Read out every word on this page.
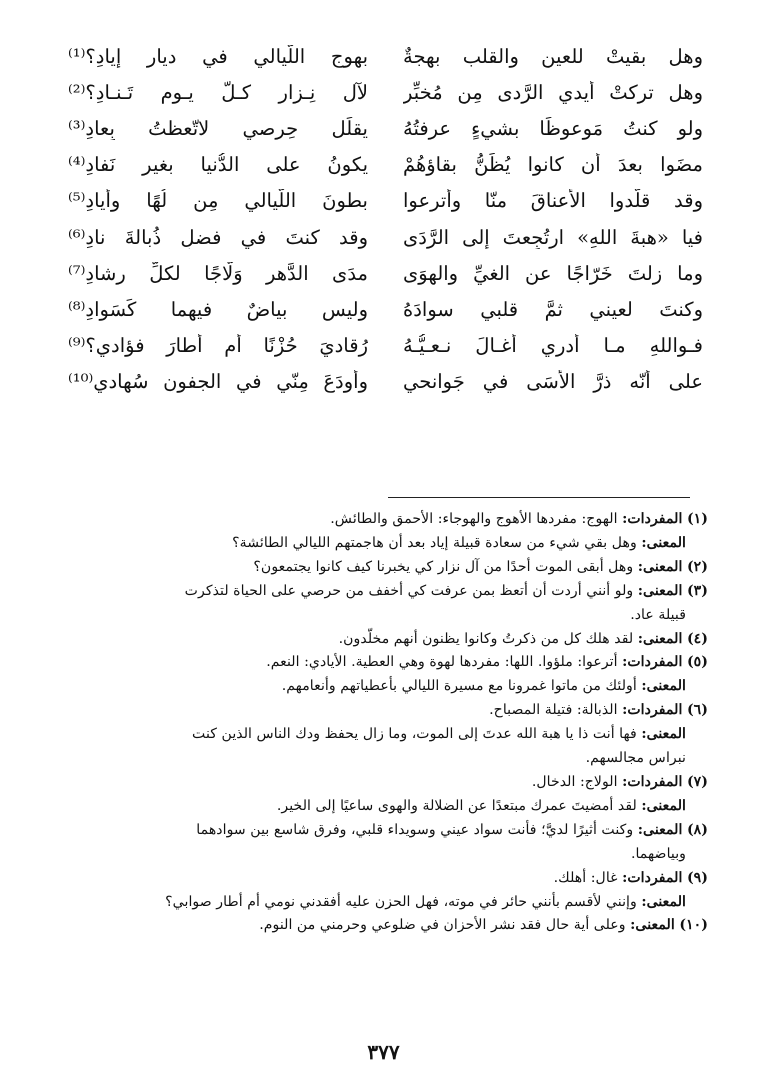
وهل بقيتْ للعين والقلب بهجةٌ
بهوج اللّيالي في ديارِ إيادِ؟⁽¹⁾
وهل تركتْ أيدي الرَّدى مِن مُخبِّرٍ
لآلِ نِـزارٍ كـلَّ يـوم تَـنـادِ؟⁽²⁾
ولو كنتُ مَوعوظًا بشيءٍ عرفتُهُ
يقلِّل حِرصي لاتّعظتُ بِعادِ⁽³⁾
مضَوا بعدَ أن كانوا يُظَنُّ بقاؤهُمْ
يكونُ على الدُّنيا بغيرِ نَفادِ⁽⁴⁾
وقد قلَّدوا الأعناقَ منّا وأَترعوا
بطونَ اللّيالي مِن لُهًا وأيادِ⁽⁵⁾
فيا «هبةَ اللهِ» ارتُجِعتَ إلى الرَّدَى
وقد كنتَ في فضلٍ ذُبالةَ نادِ⁽⁶⁾
وما زلتَ خَرّاجًا عنِ الغيِّ والهوَى
مدَى الدَّهرِ وَلّاجًا لكلِّ رشادِ⁽⁷⁾
وكنتَ لعيني ثمَّ قلبي سوادَهُ
وليس بياضٌ فيهما كَسَوادِ⁽⁸⁾
فـواللهِ مـا أدري أغـالَ نـعـيُّـهُ
رُقاديَ حُزْنًا أم أطارَ فؤادي؟⁽⁹⁾
على أنّه ذرَّ الأسَى في جَوانحي
وأودَعَ مِنّي في الجفونِ سُهادي⁽¹⁰⁾

(١) المفردات: الهوج: مفردها الأهوج والهوجاء: الأحمق والطائش.

المعنى: وهل بقي شيء من سعادة قبيلة إياد بعد أن هاجمتهم الليالي الطائشة؟

(٢) المعنى: وهل أبقى الموت أحدًا من آل نزار كي يخبرنا كيف كانوا يجتمعون؟

(٣) المعنى: ولو أنني أردت أن أتعظ بمن عرفت كي أخفف من حرصي على الحياة لتذكرت

قبيلة عاد.

(٤) المعنى: لقد هلك كل من ذكرتُ وكانوا يظنون أنهم مخلّدون.

(٥) المفردات: أترعوا: ملؤوا. اللها: مفردها لهوة وهي العطية. الأيادي: النعم.

المعنى: أولئك من ماتوا غمرونا مع مسيرة الليالي بأعطياتهم وأنعامهم.

(٦) المفردات: الذبالة: فتيلة المصباح.

المعنى: فها أنت ذا يا هبة الله عدتَ إلى الموت، وما زال يحفظ ودك الناس الذين كنت

نبراس مجالسهم.

(٧) المفردات: الولاج: الدخال.

المعنى: لقد أمضيتَ عمرك مبتعدًا عن الضلالة والهوى ساعيًا إلى الخير.

(٨) المعنى: وكنت أثيرًا لديَّ؛ فأنت سواد عيني وسويداء قلبي، وفرق شاسع بين سوادهما

وبياضهما.

(٩) المفردات: غال: أهلك.

المعنى: وإنني لأقسم بأنني حائر في موته، فهل الحزن عليه أفقدني نومي أم أطار صوابي؟

(١٠) المعنى: وعلى أية حال فقد نشر الأحزان في ضلوعي وحرمني من النوم.

٣٧٧
